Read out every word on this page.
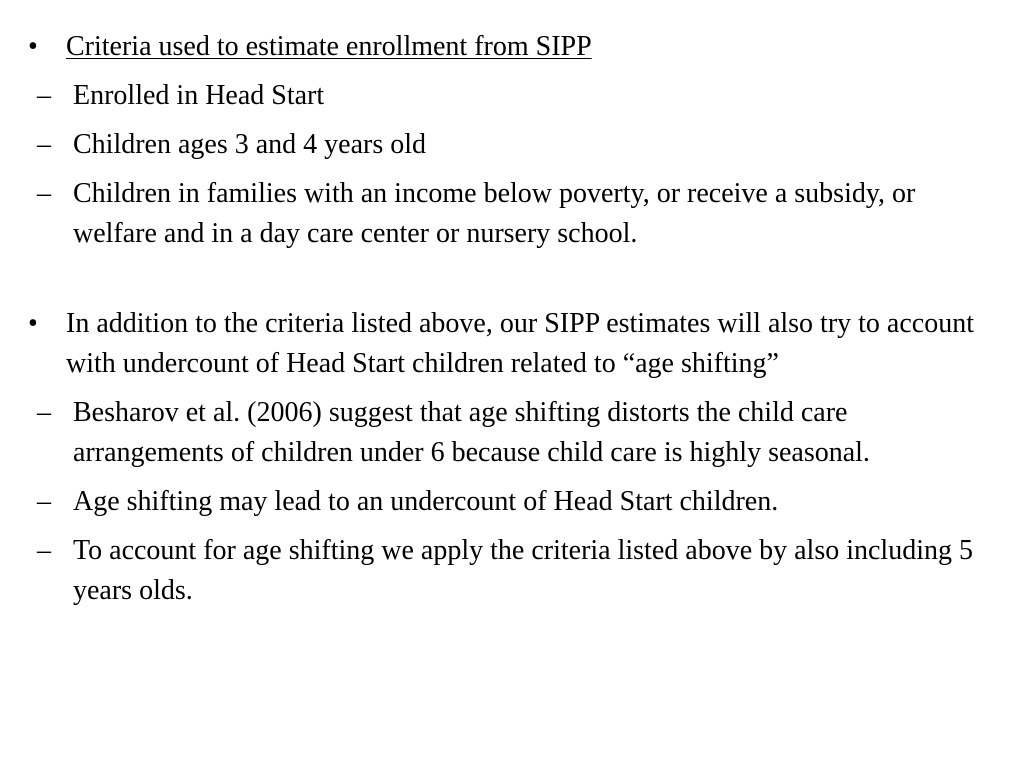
•	Criteria used to estimate enrollment from SIPP
– Enrolled in Head Start
– Children ages 3 and 4 years old
– Children in families with an income below poverty, or receive a subsidy, or welfare and in a day care center or nursery school.
•	In addition to the criteria listed above, our SIPP estimates will also try to account with undercount of Head Start children related to “age shifting”
– Besharov et al. (2006) suggest that age shifting distorts the child care arrangements of children under 6 because child care is highly seasonal.
– Age shifting may lead to an undercount of Head Start children.
– To account for age shifting we apply the criteria listed above by also including 5 years olds.
